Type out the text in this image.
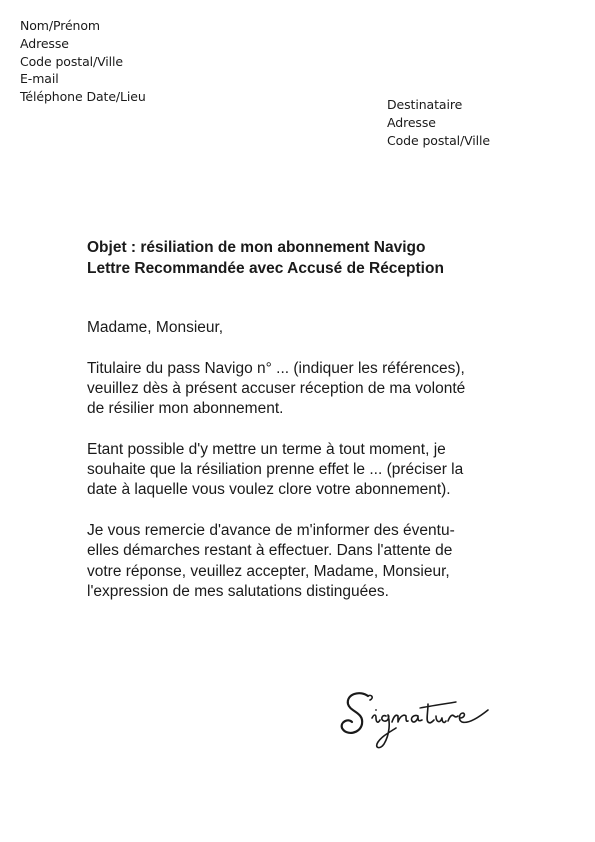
Nom/Prénom
Adresse
Code postal/Ville
E-mail
Téléphone Date/Lieu
Destinataire
Adresse
Code postal/Ville
Objet : résiliation de mon abonnement Navigo
Lettre Recommandée avec Accusé de Réception

Madame, Monsieur,

Titulaire du pass Navigo n° ... (indiquer les références),
veuillez dès à présent accuser réception de ma volonté
de résilier mon abonnement.

Etant possible d'y mettre un terme à tout moment, je
souhaite que la résiliation prenne effet le ... (préciser la
date à laquelle vous voulez clore votre abonnement).

Je vous remercie d'avance de m'informer des éventu-
elles démarches restant à effectuer. Dans l'attente de
votre réponse, veuillez accepter, Madame, Monsieur,
l'expression de mes salutations distinguées.
